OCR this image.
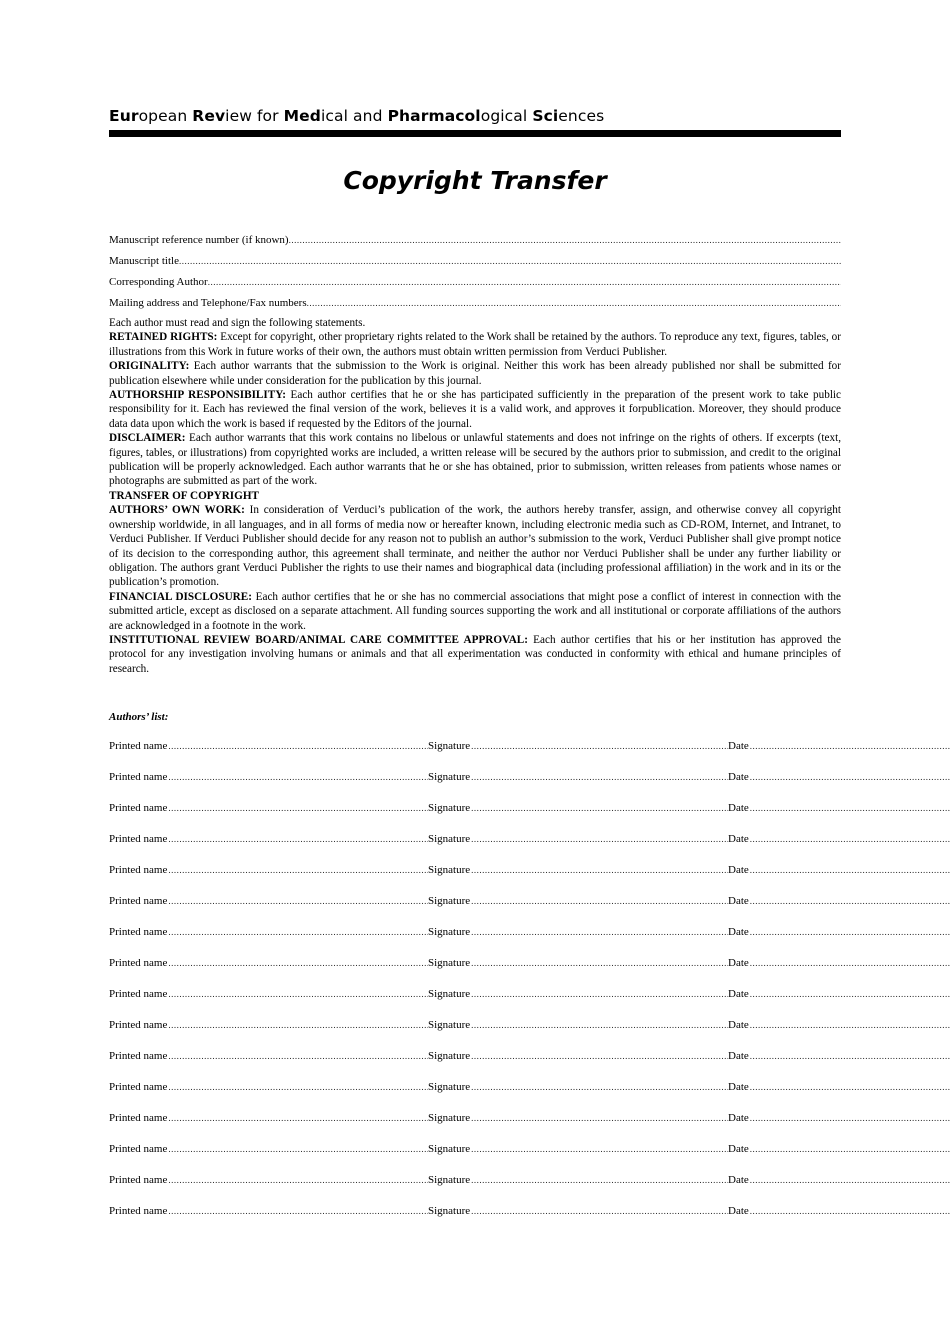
European Review for Medical and Pharmacological Sciences
Copyright Transfer
Manuscript reference number (if known)
.....
Manuscript title
.....
Corresponding Author
.....
Mailing address and Telephone/Fax numbers
.....

Each author must read and sign the following statements.

RETAINED RIGHTS: Except for copyright, other proprietary rights related to the Work shall be retained by the authors. To reproduce any text, figures, tables, or illustrations from this Work in future works of their own, the authors must obtain written permission from Verduci Publisher.

ORIGINALITY: Each author warrants that the submission to the Work is original. Neither this work has been already published nor shall be submitted for publication elsewhere while under consideration for the publication by this journal.

AUTHORSHIP RESPONSIBILITY: Each author certifies that he or she has participated sufficiently in the preparation of the present work to take public responsibility for it. Each has reviewed the final version of the work, believes it is a valid work, and approves it forpublication. Moreover, they should produce data data upon which the work is based if requested by the Editors of the journal.

DISCLAIMER: Each author warrants that this work contains no libelous or unlawful statements and does not infringe on the rights of others. If excerpts (text, figures, tables, or illustrations) from copyrighted works are included, a written release will be secured by the authors prior to submission, and credit to the original publication will be properly acknowledged. Each author warrants that he or she has obtained, prior to submission, written releases from patients whose names or photographs are submitted as part of the work.

TRANSFER OF COPYRIGHT

AUTHORS’ OWN WORK: In consideration of Verduci’s publication of the work, the authors hereby transfer, assign, and otherwise convey all copyright ownership worldwide, in all languages, and in all forms of media now or hereafter known, including electronic media such as CD-ROM, Internet, and Intranet, to Verduci Publisher. If Verduci Publisher should decide for any reason not to publish an author’s submission to the work, Verduci Publisher shall give prompt notice of its decision to the corresponding author, this agreement shall terminate, and neither the author nor Verduci Publisher shall be under any further liability or obligation. The authors grant Verduci Publisher the rights to use their names and biographical data (including professional affiliation) in the work and in its or the publication’s promotion.

FINANCIAL DISCLOSURE: Each author certifies that he or she has no commercial associations that might pose a conflict of interest in connection with the submitted article, except as disclosed on a separate attachment. All funding sources supporting the work and all institutional or corporate affiliations of the authors are acknowledged in a footnote in the work.

INSTITUTIONAL REVIEW BOARD/ANIMAL CARE COMMITTEE APPROVAL: Each author certifies that his or her institution has approved the protocol for any investigation involving humans or animals and that all experimentation was conducted in conformity with ethical and humane principles of research.

Authors’ list:
Printed name .....	Signature .....	Date
.....
Printed name .....	Signature .....	Date
.....
Printed name .....	Signature .....	Date
.....
Printed name .....	Signature .....	Date
.....
Printed name .....	Signature .....	Date
.....
Printed name .....	Signature .....	Date
.....
Printed name .....	Signature .....	Date
.....
Printed name .....	Signature .....	Date
.....
Printed name .....	Signature .....	Date
.....
Printed name .....	Signature .....	Date
.....
Printed name .....	Signature .....	Date
.....
Printed name .....	Signature .....	Date
.....
Printed name .....	Signature .....	Date
.....
Printed name .....	Signature .....	Date
.....
Printed name .....	Signature .....	Date
.....
Printed name .....	Signature .....	Date
.....
